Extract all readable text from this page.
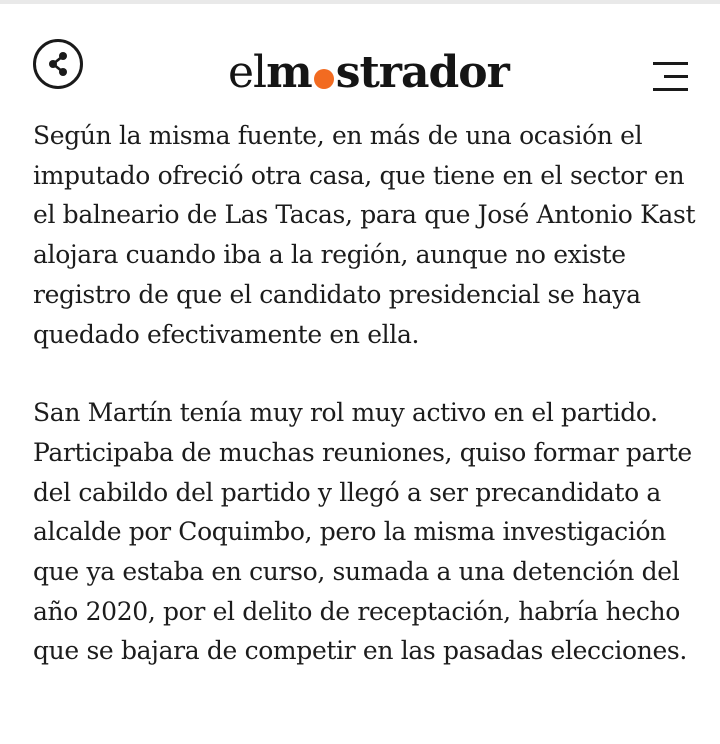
el m strador

Según la misma fuente, en más de una ocasión el imputado ofreció otra casa, que tiene en el sector en el balneario de Las Tacas, para que José Antonio Kast alojara cuando iba a la región, aunque no existe registro de que el candidato presidencial se haya quedado efectivamente en ella.

San Martín tenía muy rol muy activo en el partido. Participaba de muchas reuniones, quiso formar parte del cabildo del partido y llegó a ser precandidato a alcalde por Coquimbo, pero la misma investigación que ya estaba en curso, sumada a una detención del año 2020, por el delito de receptación, habría hecho que se bajara de competir en las pasadas elecciones.
